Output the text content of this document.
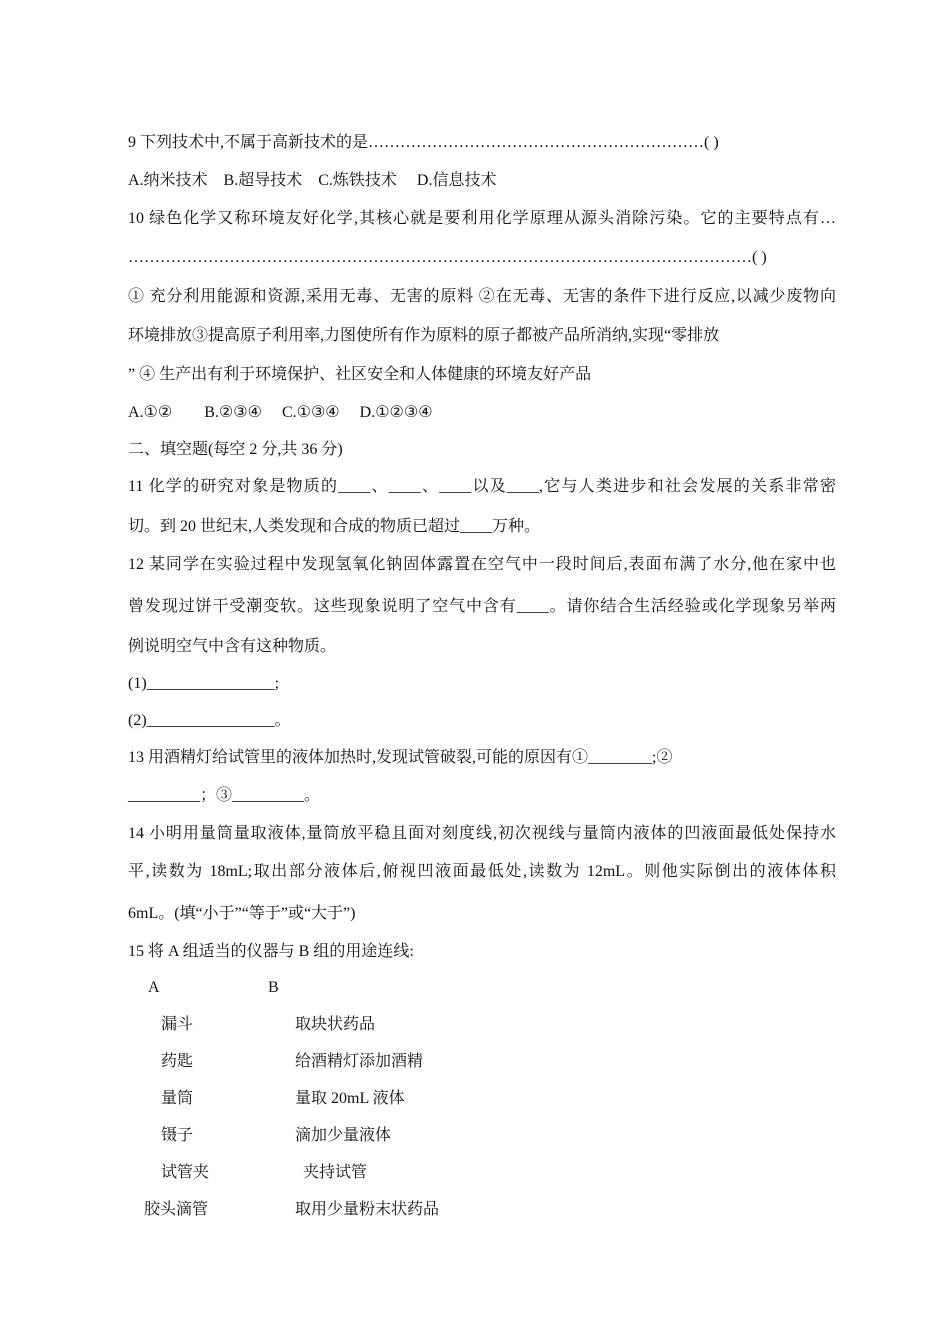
9 下列技术中,不属于高新技术的是………………………………………………………( )
A.纳米技术　B.超导技术　C.炼铁技术　 D.信息技术
10 绿色化学又称环境友好化学,其核心就是要利用化学原理从源头消除污染。它的主要特点有…
………………………………………………………………………………………………………( )
① 充分利用能源和资源,采用无毒、无害的原料 ②在无毒、无害的条件下进行反应,以减少废物向
环境排放③提高原子利用率,力图使所有作为原料的原子都被产品所消纳,实现“零排放
” ④ 生产出有利于环境保护、社区安全和人体健康的环境友好产品
A.①②　　B.②③④　 C.①③④　 D.①②③④
二、填空题(每空 2 分,共 36 分)
11 化学的研究对象是物质的____、____、____以及____,它与人类进步和社会发展的关系非常密
切。到 20 世纪末,人类发现和合成的物质已超过____万种。
12 某同学在实验过程中发现氢氧化钠固体露置在空气中一段时间后,表面布满了水分,他在家中也
曾发现过饼干受潮变软。这些现象说明了空气中含有____。请你结合生活经验或化学现象另举两
例说明空气中含有这种物质。
(1)________________;
(2)________________。
13 用酒精灯给试管里的液体加热时,发现试管破裂,可能的原因有①________;②
_________；③_________。
14 小明用量筒量取液体,量筒放平稳且面对刻度线,初次视线与量筒内液体的凹液面最低处保持水
平,读数为 18mL;取出部分液体后,俯视凹液面最低处,读数为 12mL。则他实际倒出的液体体积
6mL。(填“小于”“等于”或“大于”)
15 将 A 组适当的仪器与 B 组的用途连线:
A	B
漏斗	取块状药品
药匙	给酒精灯添加酒精
量筒	量取 20mL 液体
镊子	滴加少量液体
试管夹	夹持试管
胶头滴管	取用少量粉末状药品
